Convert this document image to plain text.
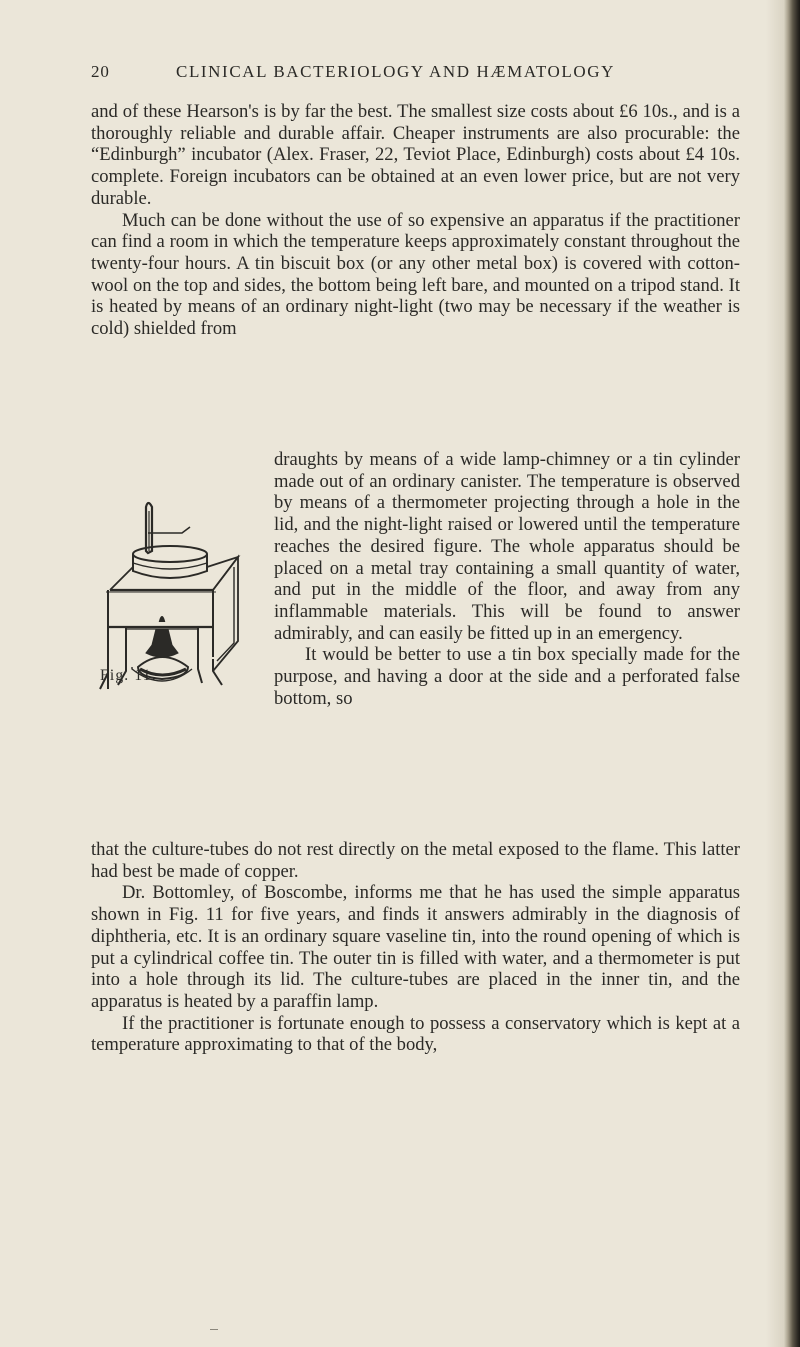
20	CLINICAL BACTERIOLOGY AND HÆMATOLOGY

and of these Hearson's is by far the best. The smallest size costs about £6 10s., and is a thoroughly reliable and durable affair. Cheaper instruments are also procurable: the “Edinburgh” incubator (Alex. Fraser, 22, Teviot Place, Edinburgh) costs about £4 10s. complete. Foreign incubators can be obtained at an even lower price, but are not very durable.

Much can be done without the use of so expensive an apparatus if the practitioner can find a room in which the temperature keeps approximately constant throughout the twenty-four hours. A tin biscuit box (or any other metal box) is covered with cotton-wool on the top and sides, the bottom being left bare, and mounted on a tripod stand. It is heated by means of an ordinary night-light (two may be necessary if the weather is cold) shielded from

Fig. 11.

draughts by means of a wide lamp-chimney or a tin cylinder made out of an ordinary canister. The temperature is observed by means of a thermometer projecting through a hole in the lid, and the night-light raised or lowered until the temperature reaches the desired figure. The whole apparatus should be placed on a metal tray containing a small quantity of water, and put in the middle of the floor, and away from any inflammable materials. This will be found to answer admirably, and can easily be fitted up in an emergency.

It would be better to use a tin box specially made for the purpose, and having a door at the side and a perforated false bottom, so

that the culture-tubes do not rest directly on the metal exposed to the flame. This latter had best be made of copper.

Dr. Bottomley, of Boscombe, informs me that he has used the simple apparatus shown in Fig. 11 for five years, and finds it answers admirably in the diagnosis of diphtheria, etc. It is an ordinary square vaseline tin, into the round opening of which is put a cylindrical coffee tin. The outer tin is filled with water, and a thermometer is put into a hole through its lid. The culture-tubes are placed in the inner tin, and the apparatus is heated by a paraffin lamp.

If the practitioner is fortunate enough to possess a conservatory which is kept at a temperature approximating to that of the body,
